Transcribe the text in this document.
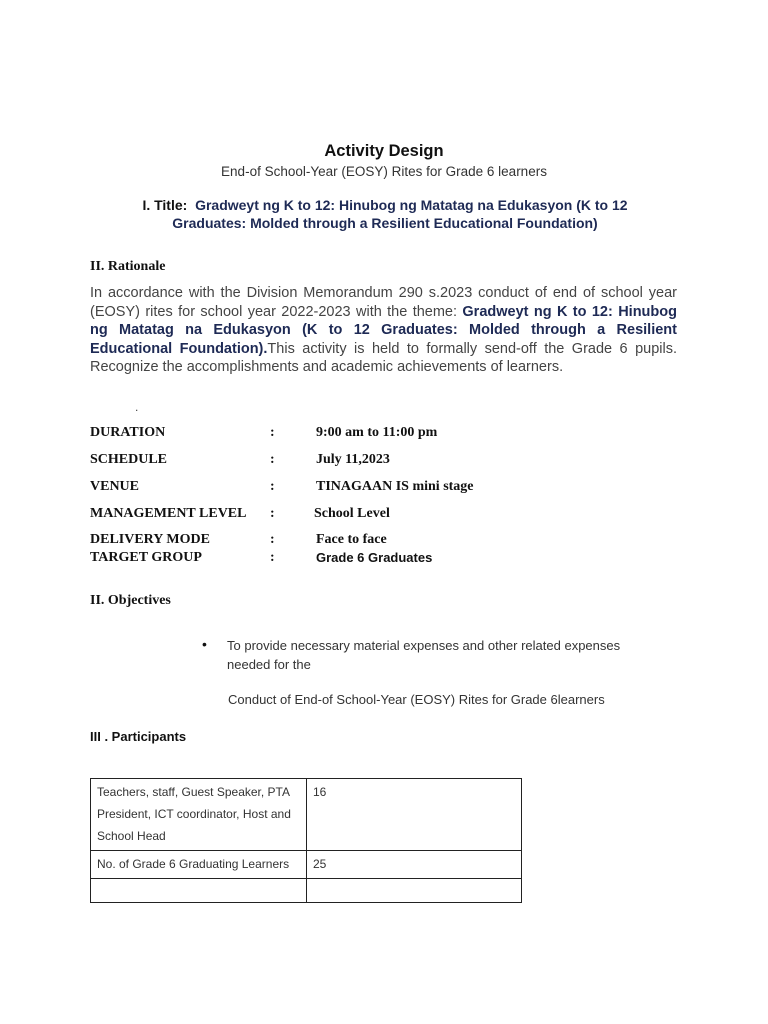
Activity Design
End-of School-Year (EOSY) Rites for Grade 6 learners
I. Title: Gradweyt ng K to 12: Hinubog ng Matatag na Edukasyon (K to 12
Graduates: Molded through a Resilient Educational Foundation)
II. Rationale
In accordance with the Division Memorandum 290 s.2023 conduct of end of school year (EOSY) rites for school year 2022-2023 with the theme: Gradweyt ng K to 12: Hinubog ng Matatag na Edukasyon (K to 12 Graduates: Molded through a Resilient Educational Foundation).This activity is held to formally send-off the Grade 6 pupils. Recognize the accomplishments and academic achievements of learners.
.
DURATION	:	9:00 am to 11:00 pm
SCHEDULE	:	July 11,2023
VENUE	:	TINAGAAN IS mini stage
MANAGEMENT LEVEL :	School Level
DELIVERY MODE	:	Face to face
TARGET GROUP	:	Grade 6 Graduates
II. Objectives
• To provide necessary material expenses and other related expenses needed for the
Conduct of End-of School-Year (EOSY) Rites for Grade 6learners
III . Participants
Teachers, staff, Guest Speaker, PTA President, ICT coordinator, Host and School Head	16
No. of Grade 6 Graduating Learners	25
